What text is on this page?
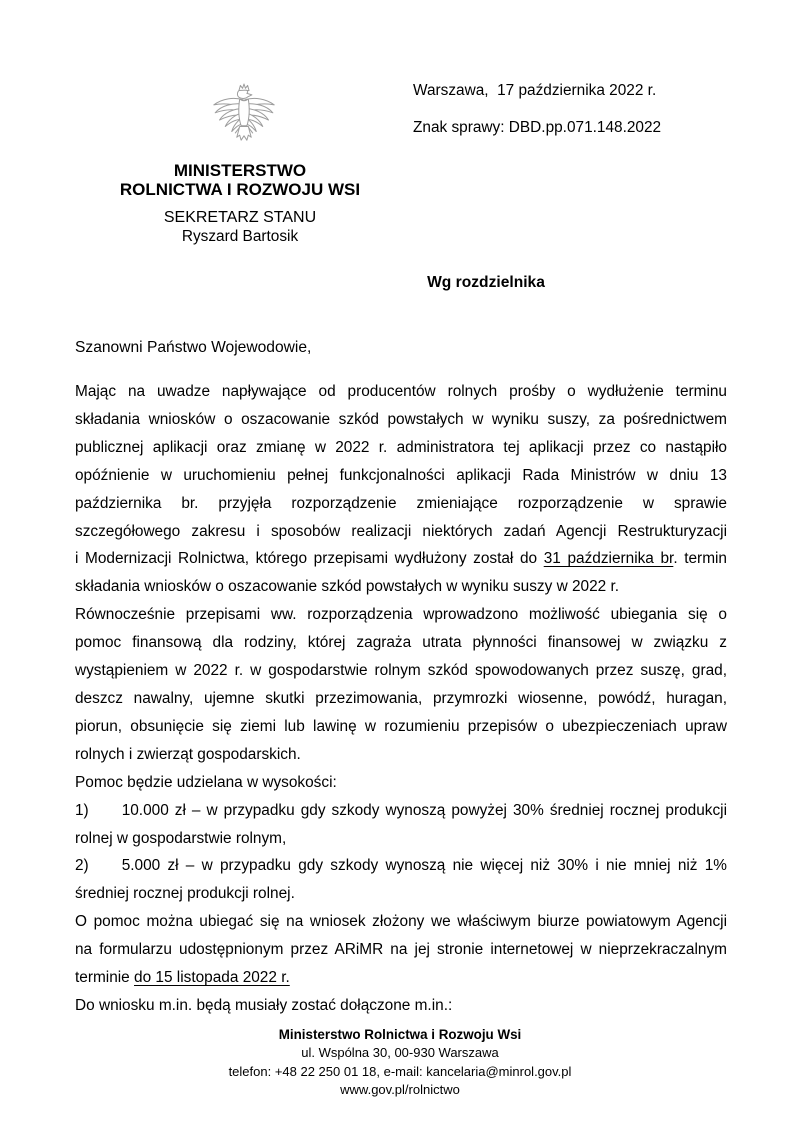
Warszawa,  17 października 2022 r.
Znak sprawy: DBD.pp.071.148.2022
MINISTERSTWO
ROLNICTWA I ROZWOJU WSI
SEKRETARZ STANU
Ryszard Bartosik
Wg rozdzielnika
Szanowni Państwo Wojewodowie,
Mając na uwadze napływające od producentów rolnych prośby o wydłużenie terminu
składania wniosków o oszacowanie szkód powstałych w wyniku suszy, za pośrednictwem
publicznej aplikacji oraz zmianę w 2022 r. administratora tej aplikacji przez co nastąpiło
opóźnienie w uruchomieniu pełnej funkcjonalności aplikacji Rada Ministrów w dniu 13
października br. przyjęła rozporządzenie zmieniające rozporządzenie w sprawie
szczegółowego zakresu i sposobów realizacji niektórych zadań Agencji Restrukturyzacji
i Modernizacji Rolnictwa, którego przepisami wydłużony został do 31 października br. termin
składania wniosków o oszacowanie szkód powstałych w wyniku suszy w 2022 r.
Równocześnie przepisami ww. rozporządzenia wprowadzono możliwość ubiegania się o
pomoc finansową dla rodziny, której zagraża utrata płynności finansowej w związku z
wystąpieniem w 2022 r. w gospodarstwie rolnym szkód spowodowanych przez suszę, grad,
deszcz nawalny, ujemne skutki przezimowania, przymrozki wiosenne, powódź, huragan,
piorun, obsunięcie się ziemi lub lawinę w rozumieniu przepisów o ubezpieczeniach upraw
rolnych i zwierząt gospodarskich.
Pomoc będzie udzielana w wysokości:
1) 10.000 zł – w przypadku gdy szkody wynoszą powyżej 30% średniej rocznej produkcji
rolnej w gospodarstwie rolnym,
2) 5.000 zł – w przypadku gdy szkody wynoszą nie więcej niż 30% i nie mniej niż 1%
średniej rocznej produkcji rolnej.
O pomoc można ubiegać się na wniosek złożony we właściwym biurze powiatowym Agencji
na formularzu udostępnionym przez ARiMR na jej stronie internetowej w nieprzekraczalnym
terminie do 15 listopada 2022 r.
Do wniosku m.in. będą musiały zostać dołączone m.in.:
Ministerstwo Rolnictwa i Rozwoju Wsi
ul. Wspólna 30, 00-930 Warszawa
telefon: +48 22 250 01 18, e-mail: kancelaria@minrol.gov.pl
www.gov.pl/rolnictwo
